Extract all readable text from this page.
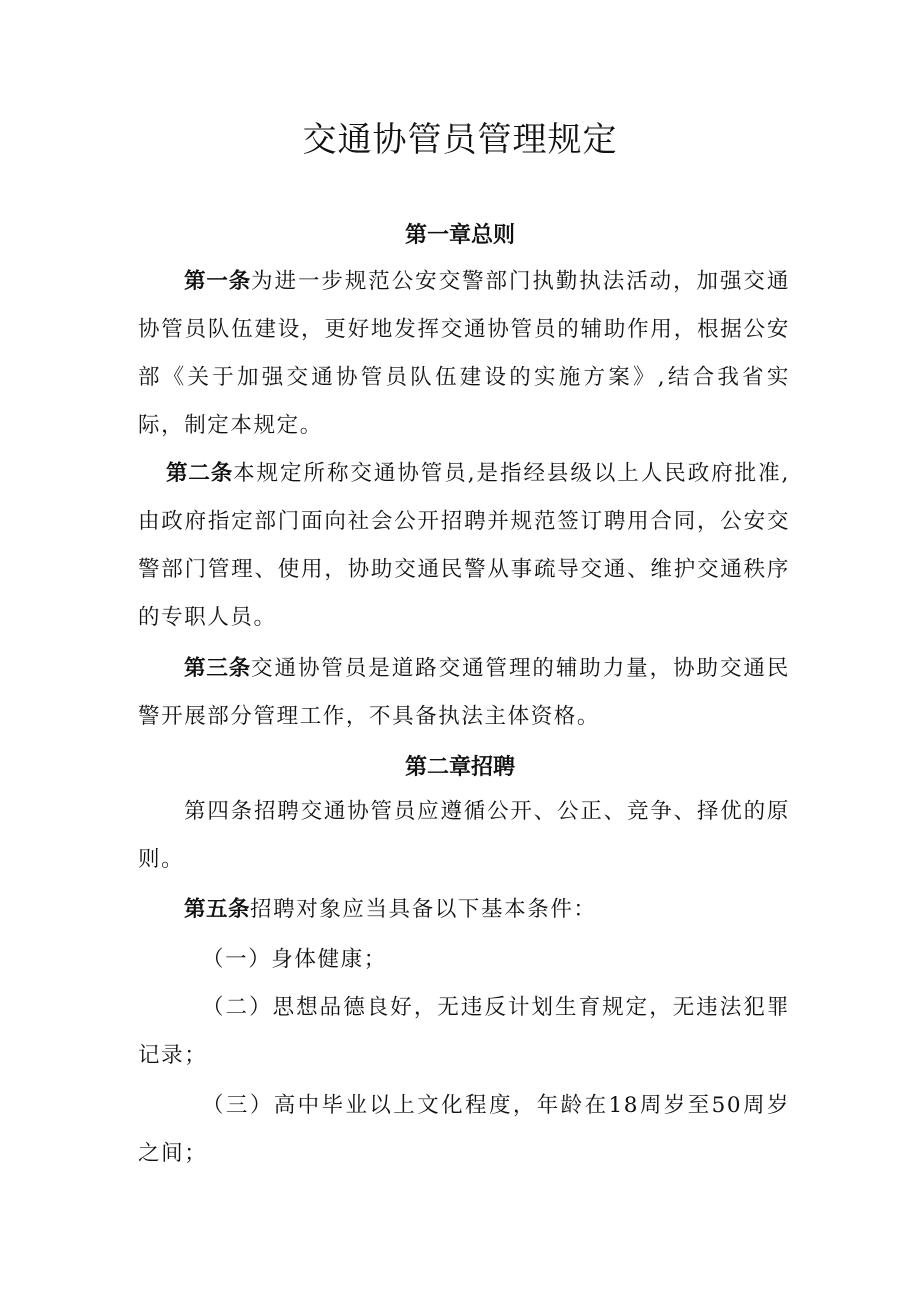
交通协管员管理规定
第一章总则

第一条为进一步规范公安交警部门执勤执法活动，加强交通协管员队伍建设，更好地发挥交通协管员的辅助作用，根据公安部《关于加强交通协管员队伍建设的实施方案》,结合我省实际，制定本规定。

第二条本规定所称交通协管员,是指经县级以上人民政府批准,由政府指定部门面向社会公开招聘并规范签订聘用合同，公安交警部门管理、使用，协助交通民警从事疏导交通、维护交通秩序的专职人员。

第三条交通协管员是道路交通管理的辅助力量，协助交通民警开展部分管理工作，不具备执法主体资格。

第二章招聘

第四条招聘交通协管员应遵循公开、公正、竞争、择优的原则。

第五条招聘对象应当具备以下基本条件：

（一）身体健康；

（二）思想品德良好，无违反计划生育规定，无违法犯罪记录；

（三）高中毕业以上文化程度，年龄在18周岁至50周岁之间；
